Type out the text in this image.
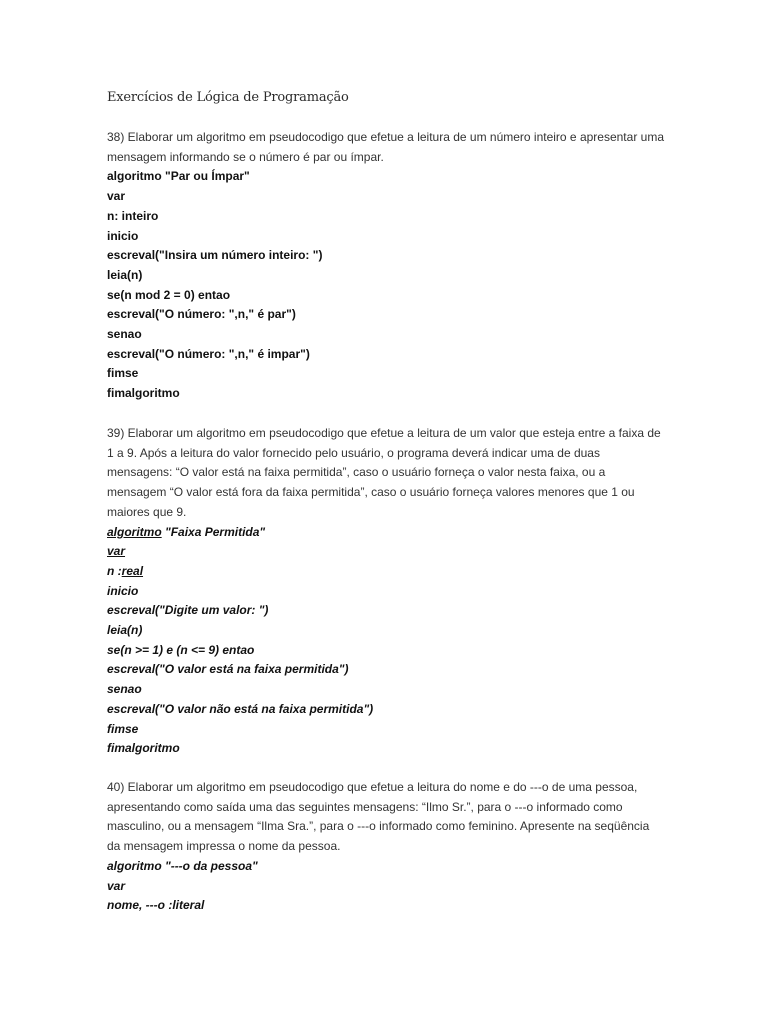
Exercícios de Lógica de Programação

38) Elaborar um algoritmo em pseudocodigo que efetue a leitura de um número inteiro e apresentar uma

mensagem informando se o número é par ou ímpar.

algoritmo "Par ou Ímpar"

var

n: inteiro

inicio

escreval("Insira um número inteiro: ")

leia(n)

se(n mod 2 = 0) entao

escreval("O número: ",n," é par")

senao

escreval("O número: ",n," é impar")

fimse

fimalgoritmo

39) Elaborar um algoritmo em pseudocodigo que efetue a leitura de um valor que esteja entre a faixa de

1 a 9. Após a leitura do valor fornecido pelo usuário, o programa deverá indicar uma de duas

mensagens: “O valor está na faixa permitida”, caso o usuário forneça o valor nesta faixa, ou a

mensagem “O valor está fora da faixa permitida”, caso o usuário forneça valores menores que 1 ou

maiores que 9.

algoritmo "Faixa Permitida"

var

n :real

inicio

escreval("Digite um valor: ")

leia(n)

se(n >= 1) e (n <= 9) entao

escreval("O valor está na faixa permitida")

senao

escreval("O valor não está na faixa permitida")

fimse

fimalgoritmo

40) Elaborar um algoritmo em pseudocodigo que efetue a leitura do nome e do ---o de uma pessoa,

apresentando como saída uma das seguintes mensagens: “Ilmo Sr.”, para o ---o informado como

masculino, ou a mensagem “Ilma Sra.”, para o ---o informado como feminino. Apresente na seqüência

da mensagem impressa o nome da pessoa.

algoritmo "---o da pessoa"

var

nome, ---o :literal
